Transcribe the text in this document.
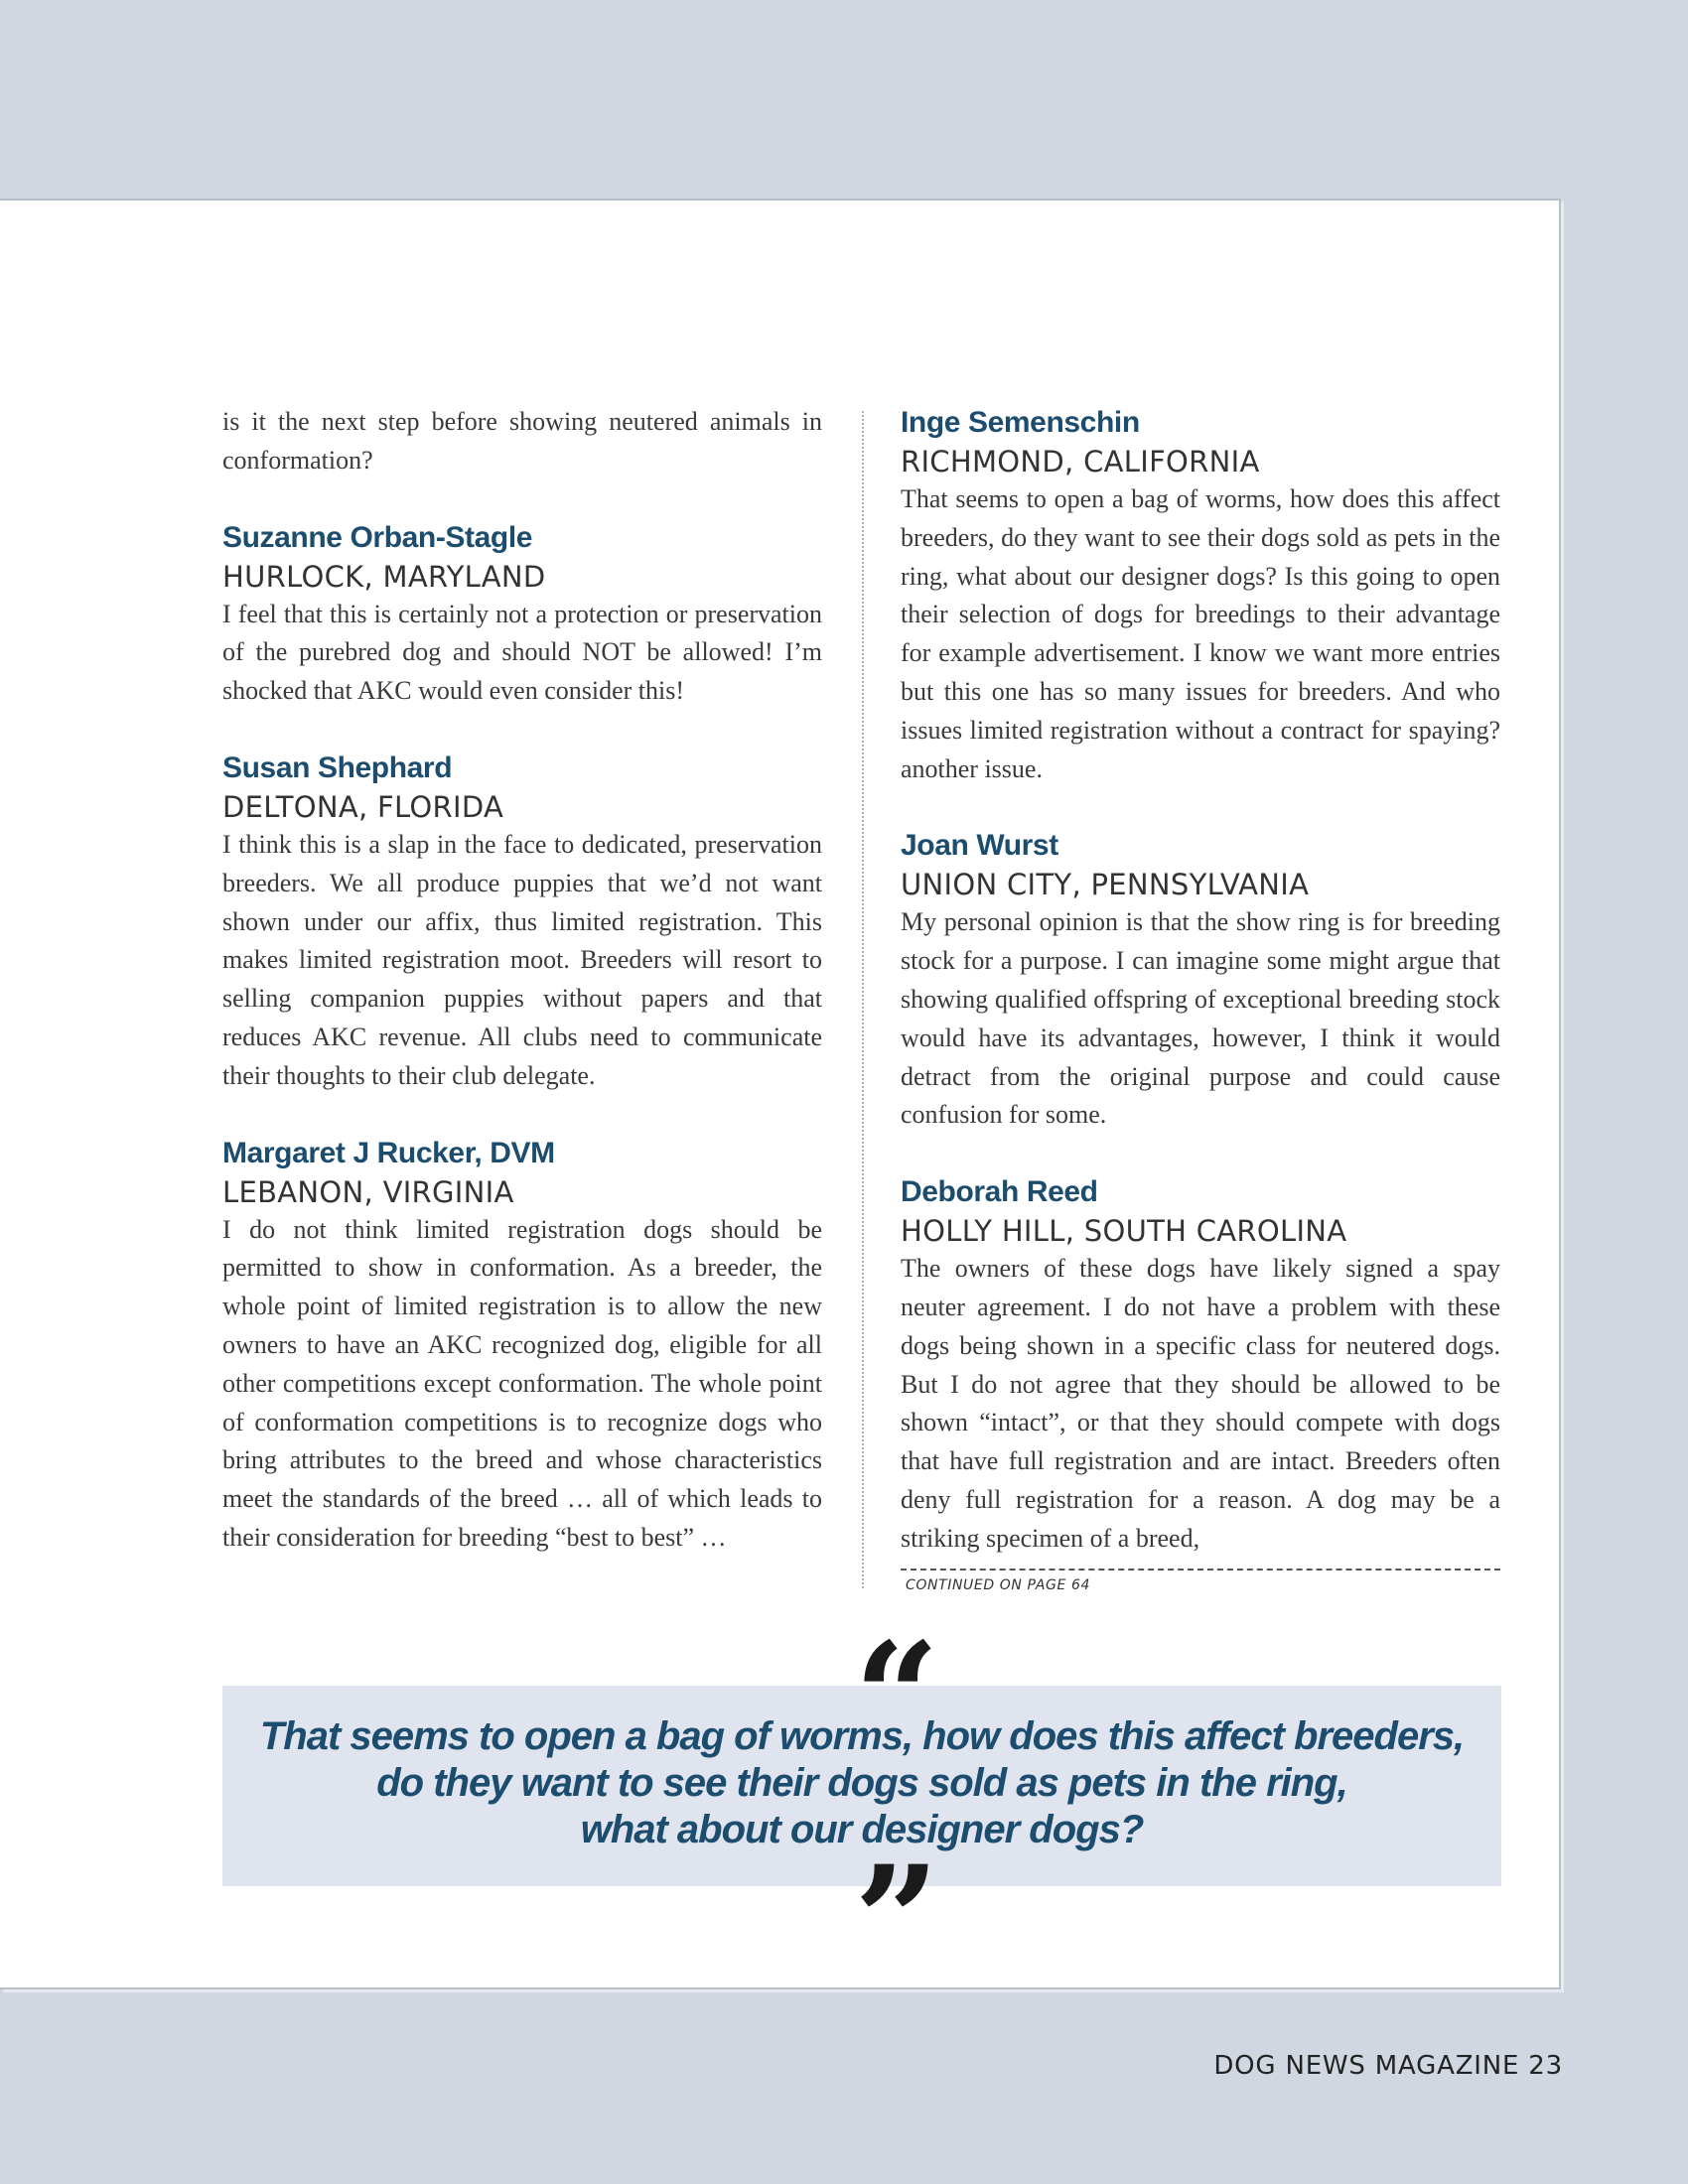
is it the next step before showing neutered animals in conformation?

Suzanne Orban-Stagle
HURLOCK, MARYLAND

I feel that this is certainly not a protection or preservation of the purebred dog and should NOT be allowed! I’m shocked that AKC would even consider this!

Susan Shephard
DELTONA, FLORIDA

I think this is a slap in the face to dedicated, preservation breeders. We all produce puppies that we’d not want shown under our affix, thus limited registration. This makes limited registration moot. Breeders will resort to selling companion puppies without papers and that reduces AKC revenue. All clubs need to communicate their thoughts to their club delegate.

Margaret J Rucker, DVM
LEBANON, VIRGINIA

I do not think limited registration dogs should be permitted to show in conformation. As a breeder, the whole point of limited registration is to allow the new owners to have an AKC recognized dog, eligible for all other competitions except conformation. The whole point of conformation competitions is to recognize dogs who bring attributes to the breed and whose characteristics meet the standards of the breed … all of which leads to their consideration for breeding “best to best” …

Inge Semenschin
RICHMOND, CALIFORNIA

That seems to open a bag of worms, how does this affect breeders, do they want to see their dogs sold as pets in the ring, what about our designer dogs? Is this going to open their selection of dogs for breedings to their advantage for example advertisement. I know we want more entries but this one has so many issues for breeders. And who issues limited registration without a contract for spaying? another issue.

Joan Wurst
UNION CITY, PENNSYLVANIA

My personal opinion is that the show ring is for breeding stock for a purpose. I can imagine some might argue that showing qualified offspring of exceptional breeding stock would have its advantages, however, I think it would detract from the original purpose and could cause confusion for some.

Deborah Reed
HOLLY HILL, SOUTH CAROLINA

The owners of these dogs have likely signed a spay neuter agreement. I do not have a problem with these dogs being shown in a specific class for neutered dogs. But I do not agree that they should be allowed to be shown “intact”, or that they should compete with dogs that have full registration and are intact. Breeders often deny full registration for a reason. A dog may be a striking specimen of a breed,

CONTINUED ON PAGE 64
That seems to open a bag of worms, how does this affect breeders,
do they want to see their dogs sold as pets in the ring,
what about our designer dogs?
“
”
DOG NEWS MAGAZINE 23
